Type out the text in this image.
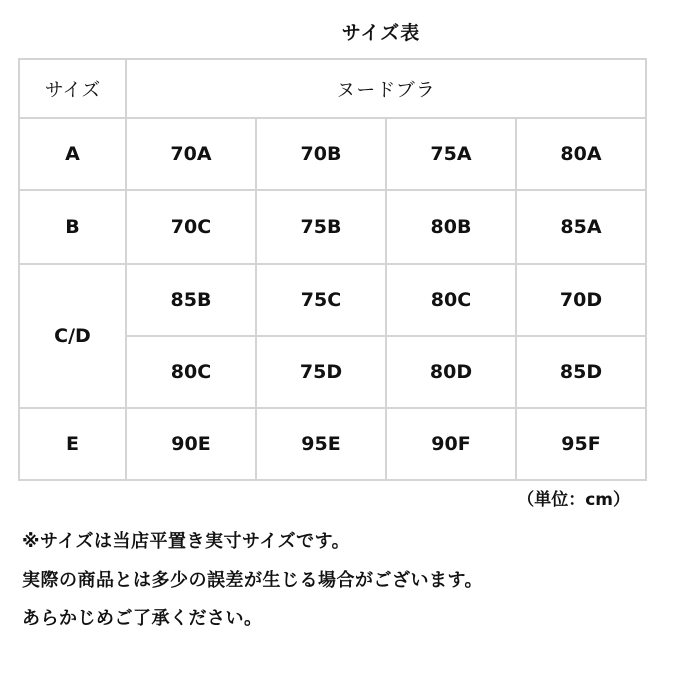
サイズ表
サイズ	ヌードブラ			
A	70A	70B	75A	80A
B	70C	75B	80B	85A
C/D	85B	75C	80C	70D
	80C	75D	80D	85D
E	90E	95E	90F	95F
（単位：cm）
※サイズは当店平置き実寸サイズです。
実際の商品とは多少の誤差が生じる場合がございます。
あらかじめご了承ください。
